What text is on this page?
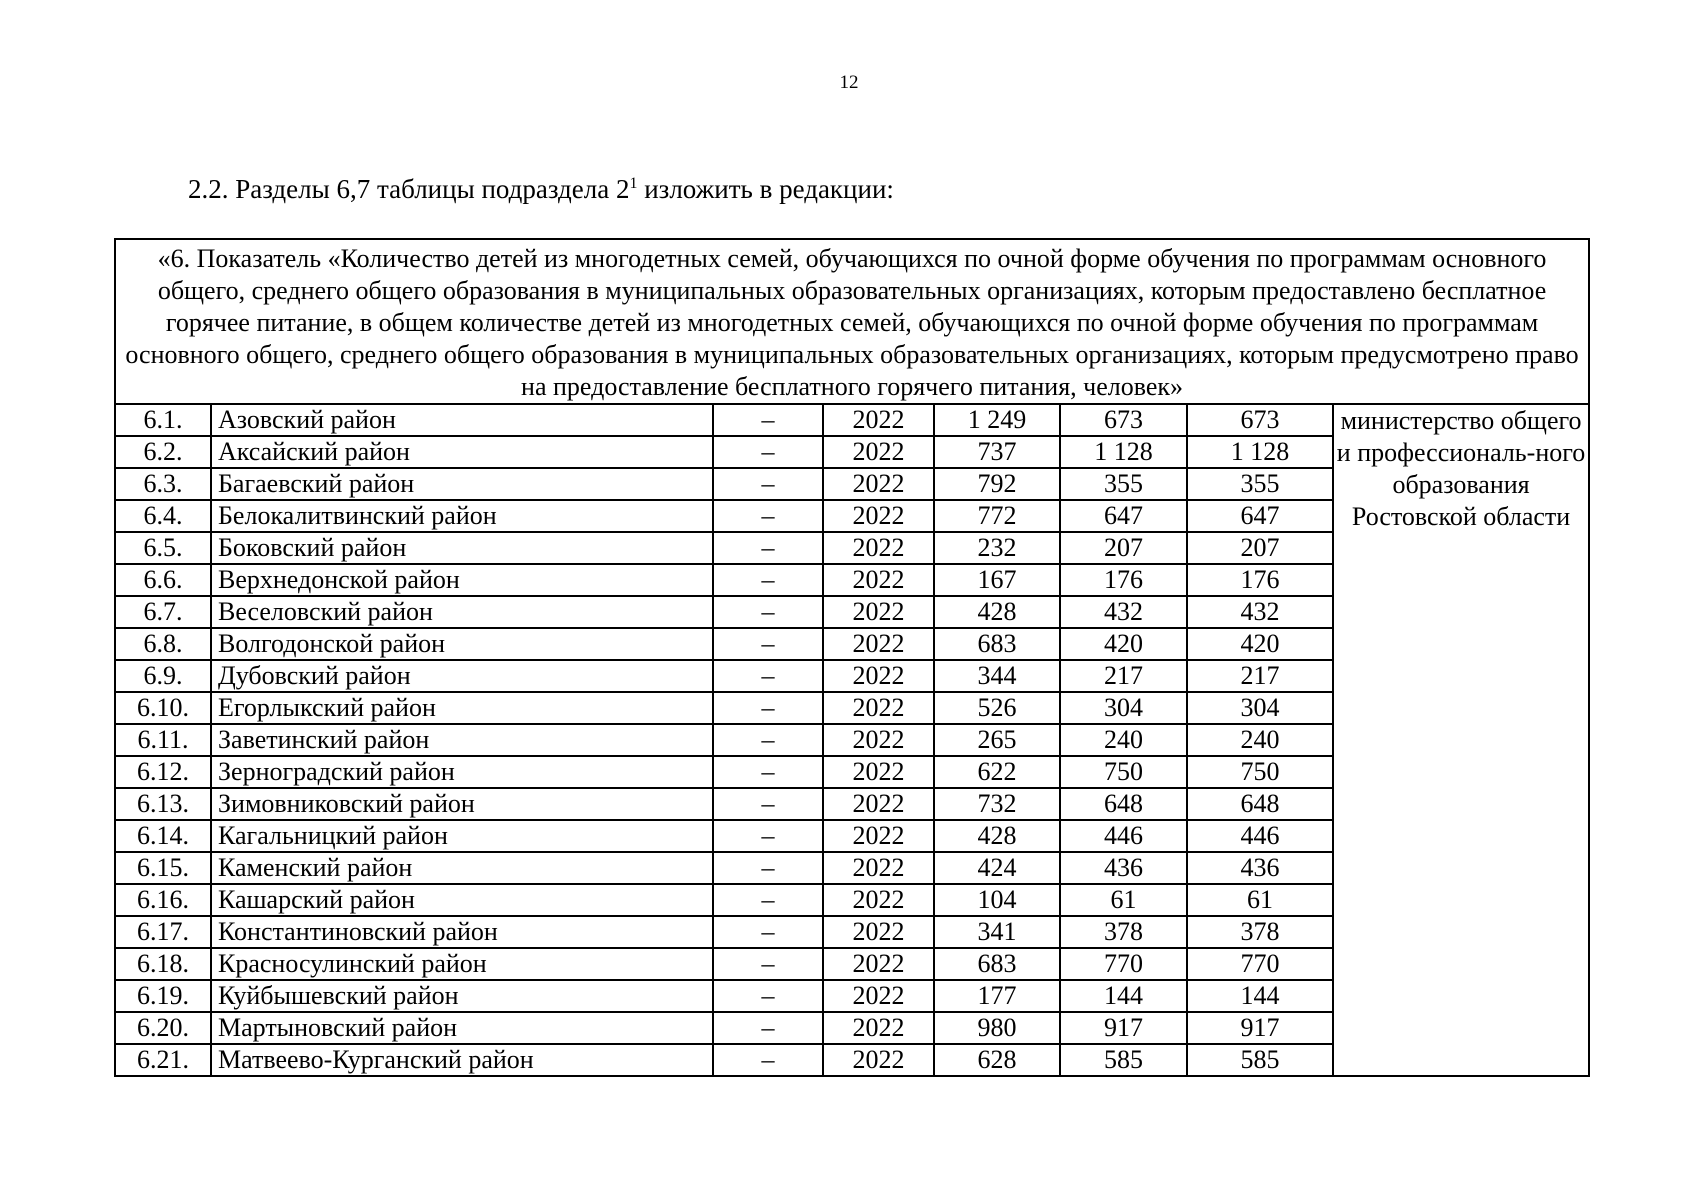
12
2.2. Разделы 6,7 таблицы подраздела $2^1$ изложить в редакции:
«6. Показатель «Количество детей из многодетных семей, обучающихся по очной форме обучения по программам основного общего, среднего общего образования в муниципальных образовательных организациях, которым предоставлено бесплатное горячее питание, в общем количестве детей из многодетных семей, обучающихся по очной форме обучения по программам основного общего, среднего общего образования в муниципальных образовательных организациях, которым предусмотрено право на предоставление бесплатного горячего питания, человек»							
6.1.	Азовский район	–	2022	1 249	673	673	министерство общего и профессиональ-ного образования Ростовской области
6.2.	Аксайский район	–	2022	737	1 128	1 128	
6.3.	Багаевский район	–	2022	792	355	355	
6.4.	Белокалитвинский район	–	2022	772	647	647	
6.5.	Боковский район	–	2022	232	207	207	
6.6.	Верхнедонской район	–	2022	167	176	176	
6.7.	Веселовский район	–	2022	428	432	432	
6.8.	Волгодонской район	–	2022	683	420	420	
6.9.	Дубовский район	–	2022	344	217	217	
6.10.	Егорлыкский район	–	2022	526	304	304	
6.11.	Заветинский район	–	2022	265	240	240	
6.12.	Зерноградский район	–	2022	622	750	750	
6.13.	Зимовниковский район	–	2022	732	648	648	
6.14.	Кагальницкий район	–	2022	428	446	446	
6.15.	Каменский район	–	2022	424	436	436	
6.16.	Кашарский район	–	2022	104	61	61	
6.17.	Константиновский район	–	2022	341	378	378	
6.18.	Красносулинский район	–	2022	683	770	770	
6.19.	Куйбышевский район	–	2022	177	144	144	
6.20.	Мартыновский район	–	2022	980	917	917	
6.21.	Матвеево-Курганский район	–	2022	628	585	585	
